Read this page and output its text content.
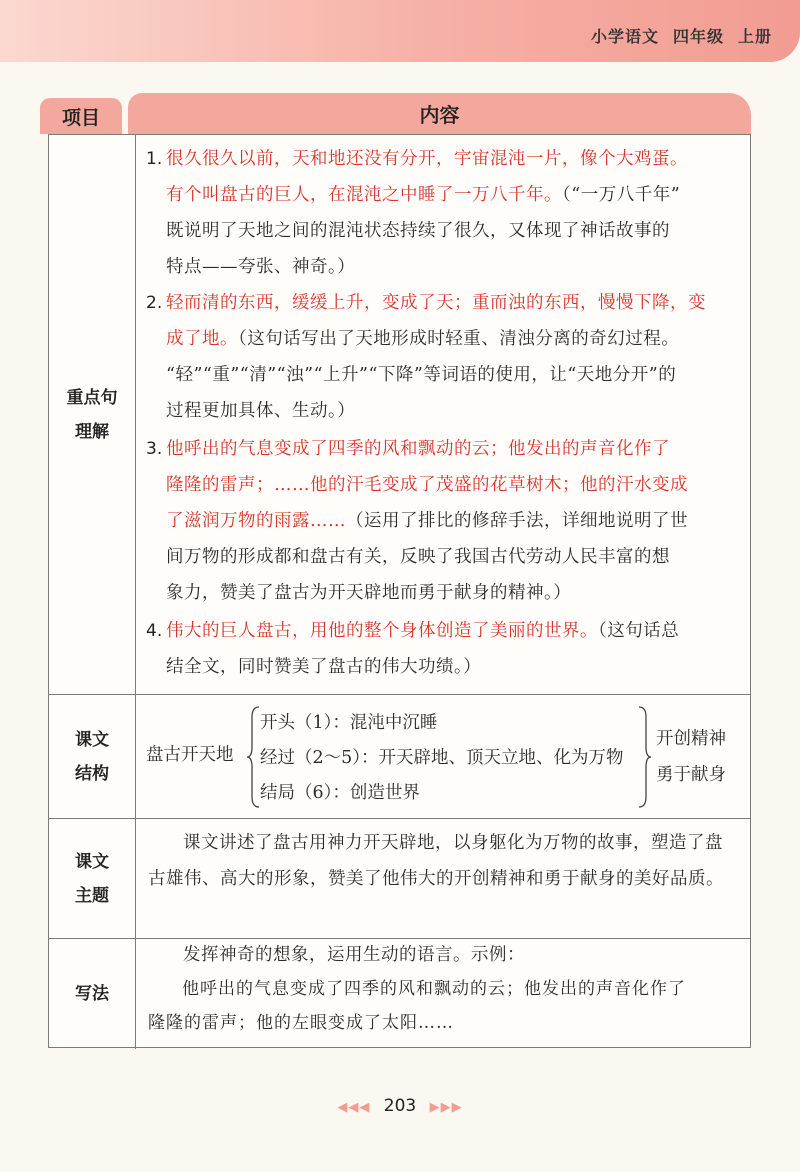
小学语文 四年级 上册
项目	内容
重点句
理解
1. 很久很久以前，天和地还没有分开，宇宙混沌一片，像个大鸡蛋。
有个叫盘古的巨人，在混沌之中睡了一万八千年。（“一万八千年”
既说明了天地之间的混沌状态持续了很久，又体现了神话故事的
特点——夸张、神奇。）
2. 轻而清的东西，缓缓上升，变成了天；重而浊的东西，慢慢下降，变
成了地。（这句话写出了天地形成时轻重、清浊分离的奇幻过程。
“轻”“重”“清”“浊”“上升”“下降”等词语的使用，让“天地分开”的
过程更加具体、生动。）
3. 他呼出的气息变成了四季的风和飘动的云；他发出的声音化作了
隆隆的雷声；……他的汗毛变成了茂盛的花草树木；他的汗水变成
了滋润万物的雨露……（运用了排比的修辞手法，详细地说明了世
间万物的形成都和盘古有关，反映了我国古代劳动人民丰富的想
象力，赞美了盘古为开天辟地而勇于献身的精神。）
4. 伟大的巨人盘古，用他的整个身体创造了美丽的世界。（这句话总
结全文，同时赞美了盘古的伟大功绩。）
课文
结构
盘古开天地
开头（1）：混沌中沉睡
经过（2～5）：开天辟地、顶天立地、化为万物
结局（6）：创造世界
开创精神
勇于献身
课文
主题
课文讲述了盘古用神力开天辟地，以身躯化为万物的故事，塑造了盘古雄伟、高大的形象，赞美了他伟大的开创精神和勇于献身的美好品质。
写法
发挥神奇的想象，运用生动的语言。示例：
他呼出的气息变成了四季的风和飘动的云；他发出的声音化作了
隆隆的雷声；他的左眼变成了太阳……
◀◀◀ 203 ▶▶▶
